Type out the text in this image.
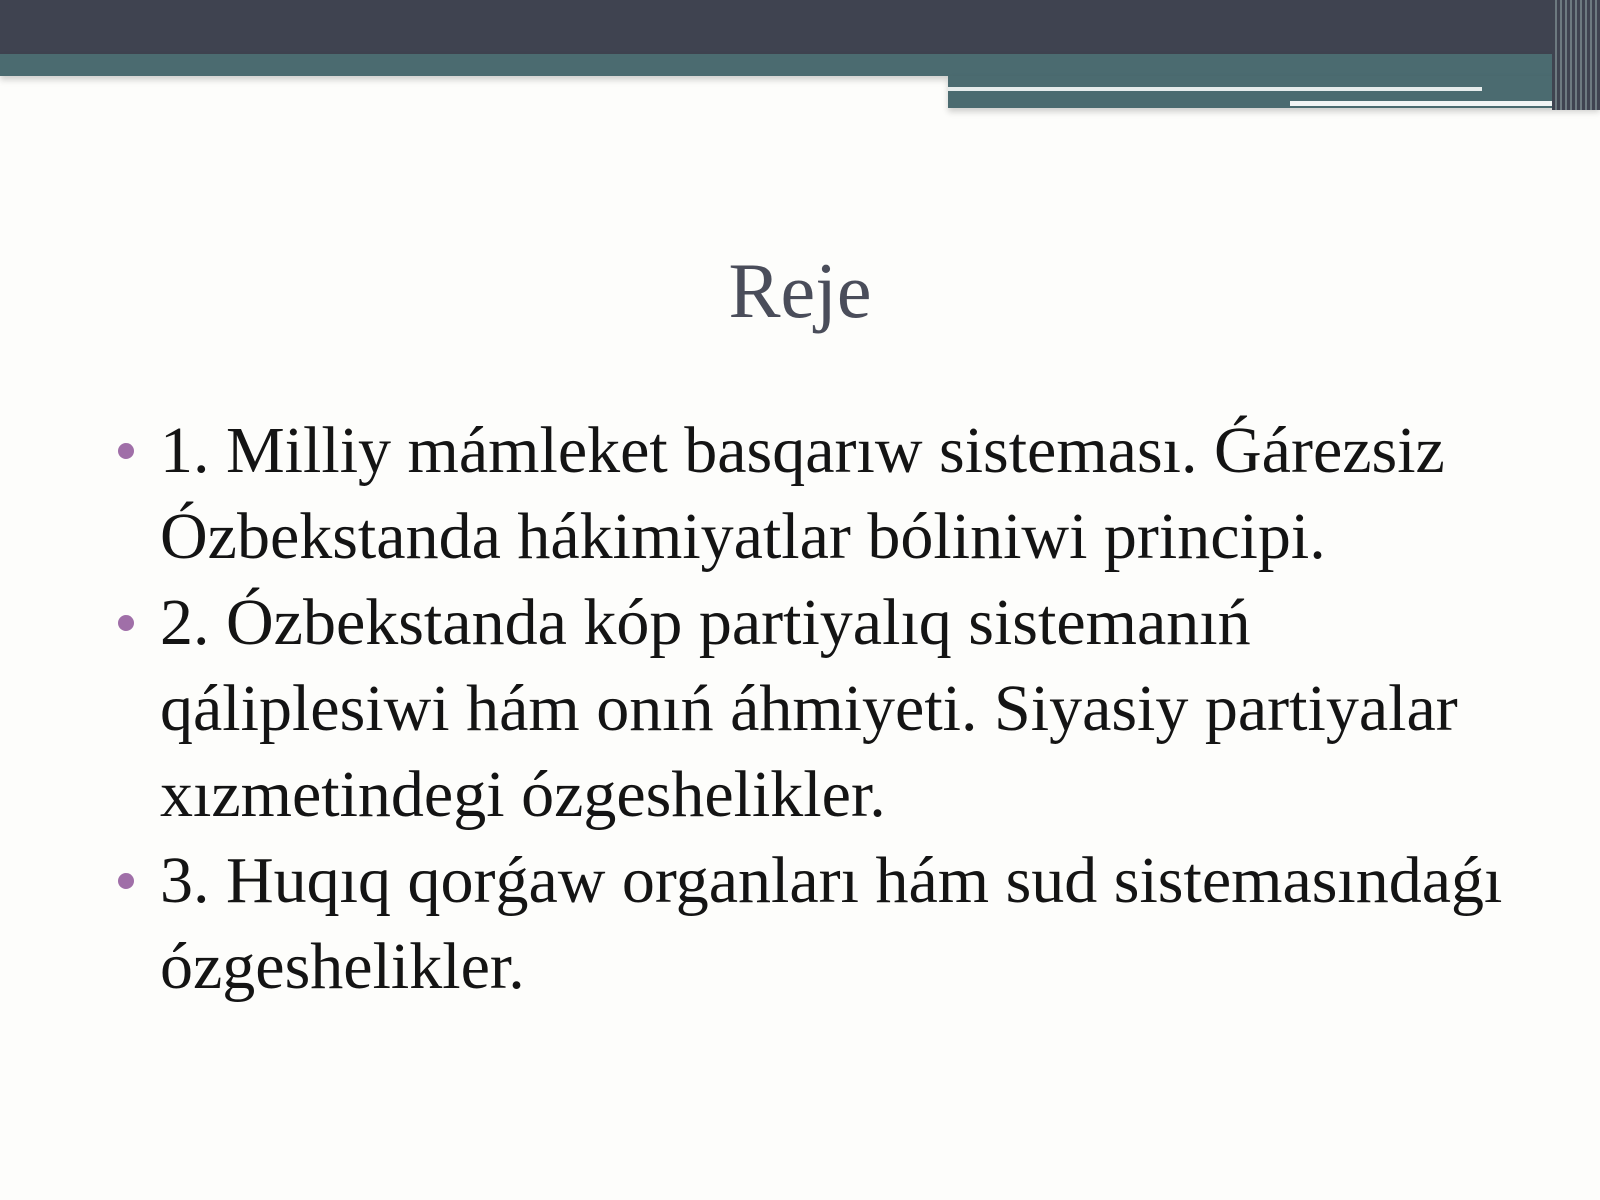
Reje
1. Milliy mámleket basqarıw sisteması. Ǵárezsiz Ózbekstanda hákimiyatlar bóliniwi principi.
2. Ózbekstanda kóp partiyalıq sistemanıń qáliplesiwi hám onıń áhmiyeti. Siyasiy partiyalar xızmetindegi ózgeshelikler.
3. Huqıq qorǵaw organları hám sud sistemasındaǵı ózgeshelikler.
